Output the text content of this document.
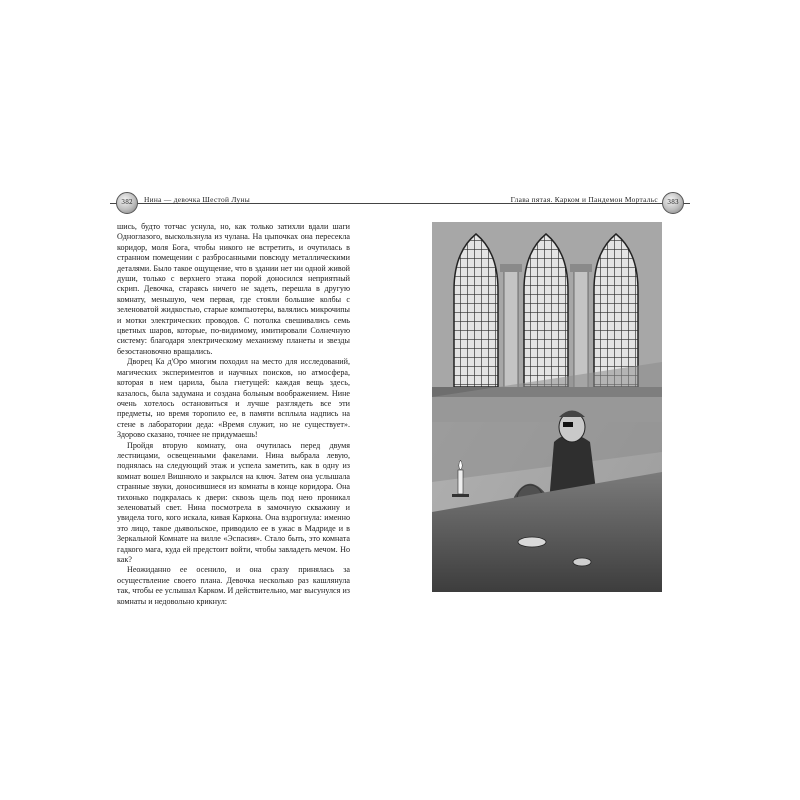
382	Нина — девочка Шестой Луны	Глава пятая. Карком и Пандемон Мортальс	383

шись, будто тотчас уснула, но, как только затихли вдали шаги Одноглазого, выскользнула из чулана. На цыпочках она пересекла коридор, моля Бога, чтобы никого не встретить, и очутилась в странном помещении с разбросанными повсюду металлическими деталями. Было такое ощущение, что в здании нет ни одной живой души, только с верхнего этажа порой доносился неприятный скрип. Девочка, стараясь ничего не задеть, перешла в другую комнату, меньшую, чем первая, где стояли большие колбы с зеленоватой жидкостью, старые компьютеры, валялись микрочипы и мотки электрических проводов. С потолка свешивались семь цветных шаров, которые, по-видимому, имитировали Солнечную систему: благодаря электрическому механизму планеты и звезды безостановочно вращались.

Дворец Ка д'Оро многим походил на место для исследований, магических экспериментов и научных поисков, но атмосфера, которая в нем царила, была гнетущей: каждая вещь здесь, казалось, была задумана и создана больным воображением. Нине очень хотелось остановиться и лучше разглядеть все эти предметы, но время торопило ее, в памяти всплыла надпись на стене в лаборатории деда: «Время служит, но не существует». Здорово сказано, точнее не придумаешь!

Пройдя вторую комнату, она очутилась перед двумя лестницами, освещенными факелами. Нина выбрала левую, поднялась на следующий этаж и успела заметить, как в одну из комнат вошел Вишнюло и закрылся на ключ. Затем она услышала странные звуки, доносившиеся из комнаты в конце коридора. Она тихонько подкралась к двери: сквозь щель под нею проникал зеленоватый свет. Нина посмотрела в замочную скважину и увидела того, кого искала, кивая Каркона. Она вздрогнула: именно это лицо, такое дьявольское, приводило ее в ужас в Мадриде и в Зеркальной Комнате на вилле «Эспасия». Стало быть, это комната гадкого мага, куда ей предстоит войти, чтобы завладеть мечом. Но как?

Неожиданно ее осенило, и она сразу принялась за осуществление своего плана. Девочка несколько раз кашлянула так, чтобы ее услышал Карком. И действительно, маг высунулся из комнаты и недовольно крикнул:
